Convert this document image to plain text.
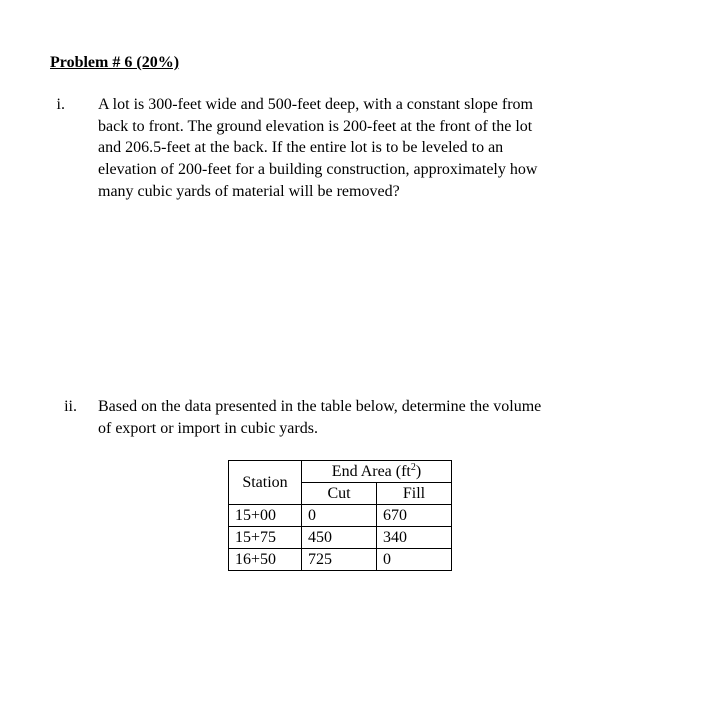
Problem # 6 (20%)
i. A lot is 300-feet wide and 500-feet deep, with a constant slope from
back to front. The ground elevation is 200-feet at the front of the lot
and 206.5-feet at the back. If the entire lot is to be leveled to an
elevation of 200-feet for a building construction, approximately how
many cubic yards of material will be removed?
ii. Based on the data presented in the table below, determine the volume
of export or import in cubic yards.
Station	End Area $(ft^2)$	
	Cut	Fill
15+00	0	670
15+75	450	340
16+50	725	0
